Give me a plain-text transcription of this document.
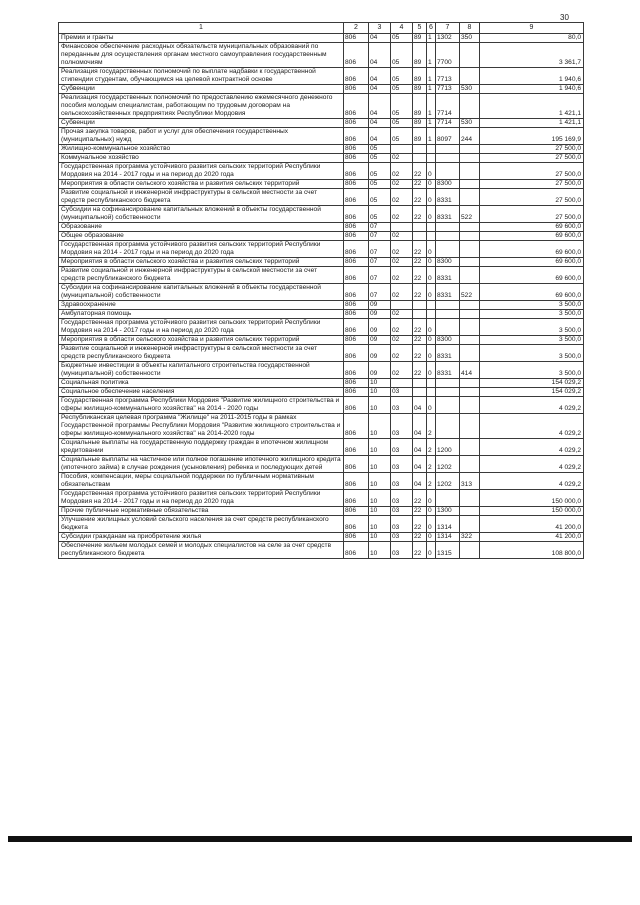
30
1	2	3	4	5	6	7	8	9
Премии и гранты	806	04	05	89	1	1302	350	80,0
Финансовое обеспечение расходных обязательств муниципальных образований по переданным для осуществления органам местного самоуправления государственным полномочиям	806	04	05	89	1	7700		3 361,7
Реализация государственных полномочий по выплате надбавки к государственной стипендии студентам, обучающимся на целевой контрактной основе	806	04	05	89	1	7713		1 940,6
Субвенции	806	04	05	89	1	7713	530	1 940,6
Реализация государственных полномочий по предоставлению ежемесячного денежного пособия молодым специалистам, работающим по трудовым договорам на сельскохозяйственных предприятиях Республики Мордовия	806	04	05	89	1	7714		1 421,1
Субвенции	806	04	05	89	1	7714	530	1 421,1
Прочая закупка товаров, работ и услуг для обеспечения государственных (муниципальных) нужд	806	04	05	89	1	8097	244	195 169,9
Жилищно-коммунальное хозяйство	806	05						27 500,0
Коммунальное хозяйство	806	05	02					27 500,0
Государственная программа устойчивого развития сельских территорий Республики Мордовия на 2014 - 2017 годы и на период до 2020 года	806	05	02	22	0			27 500,0
Мероприятия в области сельского хозяйства и развития сельских территорий	806	05	02	22	0	8300		27 500,0
Развитие социальной и инженерной инфраструктуры в сельской местности за счет средств республиканского бюджета	806	05	02	22	0	8331		27 500,0
Субсидии на софинансирование капитальных вложений в объекты государственной (муниципальной) собственности	806	05	02	22	0	8331	522	27 500,0
Образование	806	07						69 600,0
Общее образование	806	07	02					69 600,0
Государственная программа устойчивого развития сельских территорий Республики Мордовия на 2014 - 2017 годы и на период до 2020 года	806	07	02	22	0			69 600,0
Мероприятия в области сельского хозяйства и развития сельских территорий	806	07	02	22	0	8300		69 600,0
Развитие социальной и инженерной инфраструктуры в сельской местности за счет средств республиканского бюджета	806	07	02	22	0	8331		69 600,0
Субсидии на софинансирование капитальных вложений в объекты государственной (муниципальной) собственности	806	07	02	22	0	8331	522	69 600,0
Здравоохранение	806	09						3 500,0
Амбулаторная помощь	806	09	02					3 500,0
Государственная программа устойчивого развития сельских территорий Республики Мордовия на 2014 - 2017 годы и на период до 2020 года	806	09	02	22	0			3 500,0
Мероприятия в области сельского хозяйства и развития сельских территорий	806	09	02	22	0	8300		3 500,0
Развитие социальной и инженерной инфраструктуры в сельской местности за счет средств республиканского бюджета	806	09	02	22	0	8331		3 500,0
Бюджетные инвестиции в объекты капитального строительства государственной (муниципальной) собственности	806	09	02	22	0	8331	414	3 500,0
Социальная политика	806	10						154 029,2
Социальное обеспечение населения	806	10	03					154 029,2
Государственная программа Республики Мордовия "Развитие жилищного строительства и сферы жилищно-коммунального хозяйства" на 2014 - 2020 годы	806	10	03	04	0			4 029,2
Республиканская целевая программа "Жилище" на 2011-2015 годы в рамках Государственной программы Республики Мордовия "Развитие жилищного строительства и сферы жилищно-коммунального хозяйства" на 2014-2020 годы	806	10	03	04	2			4 029,2
Социальные выплаты на государственную поддержку граждан в ипотечном жилищном кредитовании	806	10	03	04	2	1200		4 029,2
Социальные выплаты на частичное или полное погашение ипотечного жилищного кредита (ипотечного займа) в случае рождения (усыновления) ребенка и последующих детей	806	10	03	04	2	1202		4 029,2
Пособия, компенсации, меры социальной поддержки по публичным нормативным обязательствам	806	10	03	04	2	1202	313	4 029,2
Государственная программа устойчивого развития сельских территорий Республики Мордовия на 2014 - 2017 годы и на период до 2020 года	806	10	03	22	0			150 000,0
Прочие публичные нормативные обязательства	806	10	03	22	0	1300		150 000,0
Улучшение жилищных условий сельского населения за счет средств республиканского бюджета	806	10	03	22	0	1314		41 200,0
Субсидии гражданам на приобретение жилья	806	10	03	22	0	1314	322	41 200,0
Обеспечение жильем молодых семей и молодых специалистов на селе за счет средств республиканского бюджета	806	10	03	22	0	1315		108 800,0
